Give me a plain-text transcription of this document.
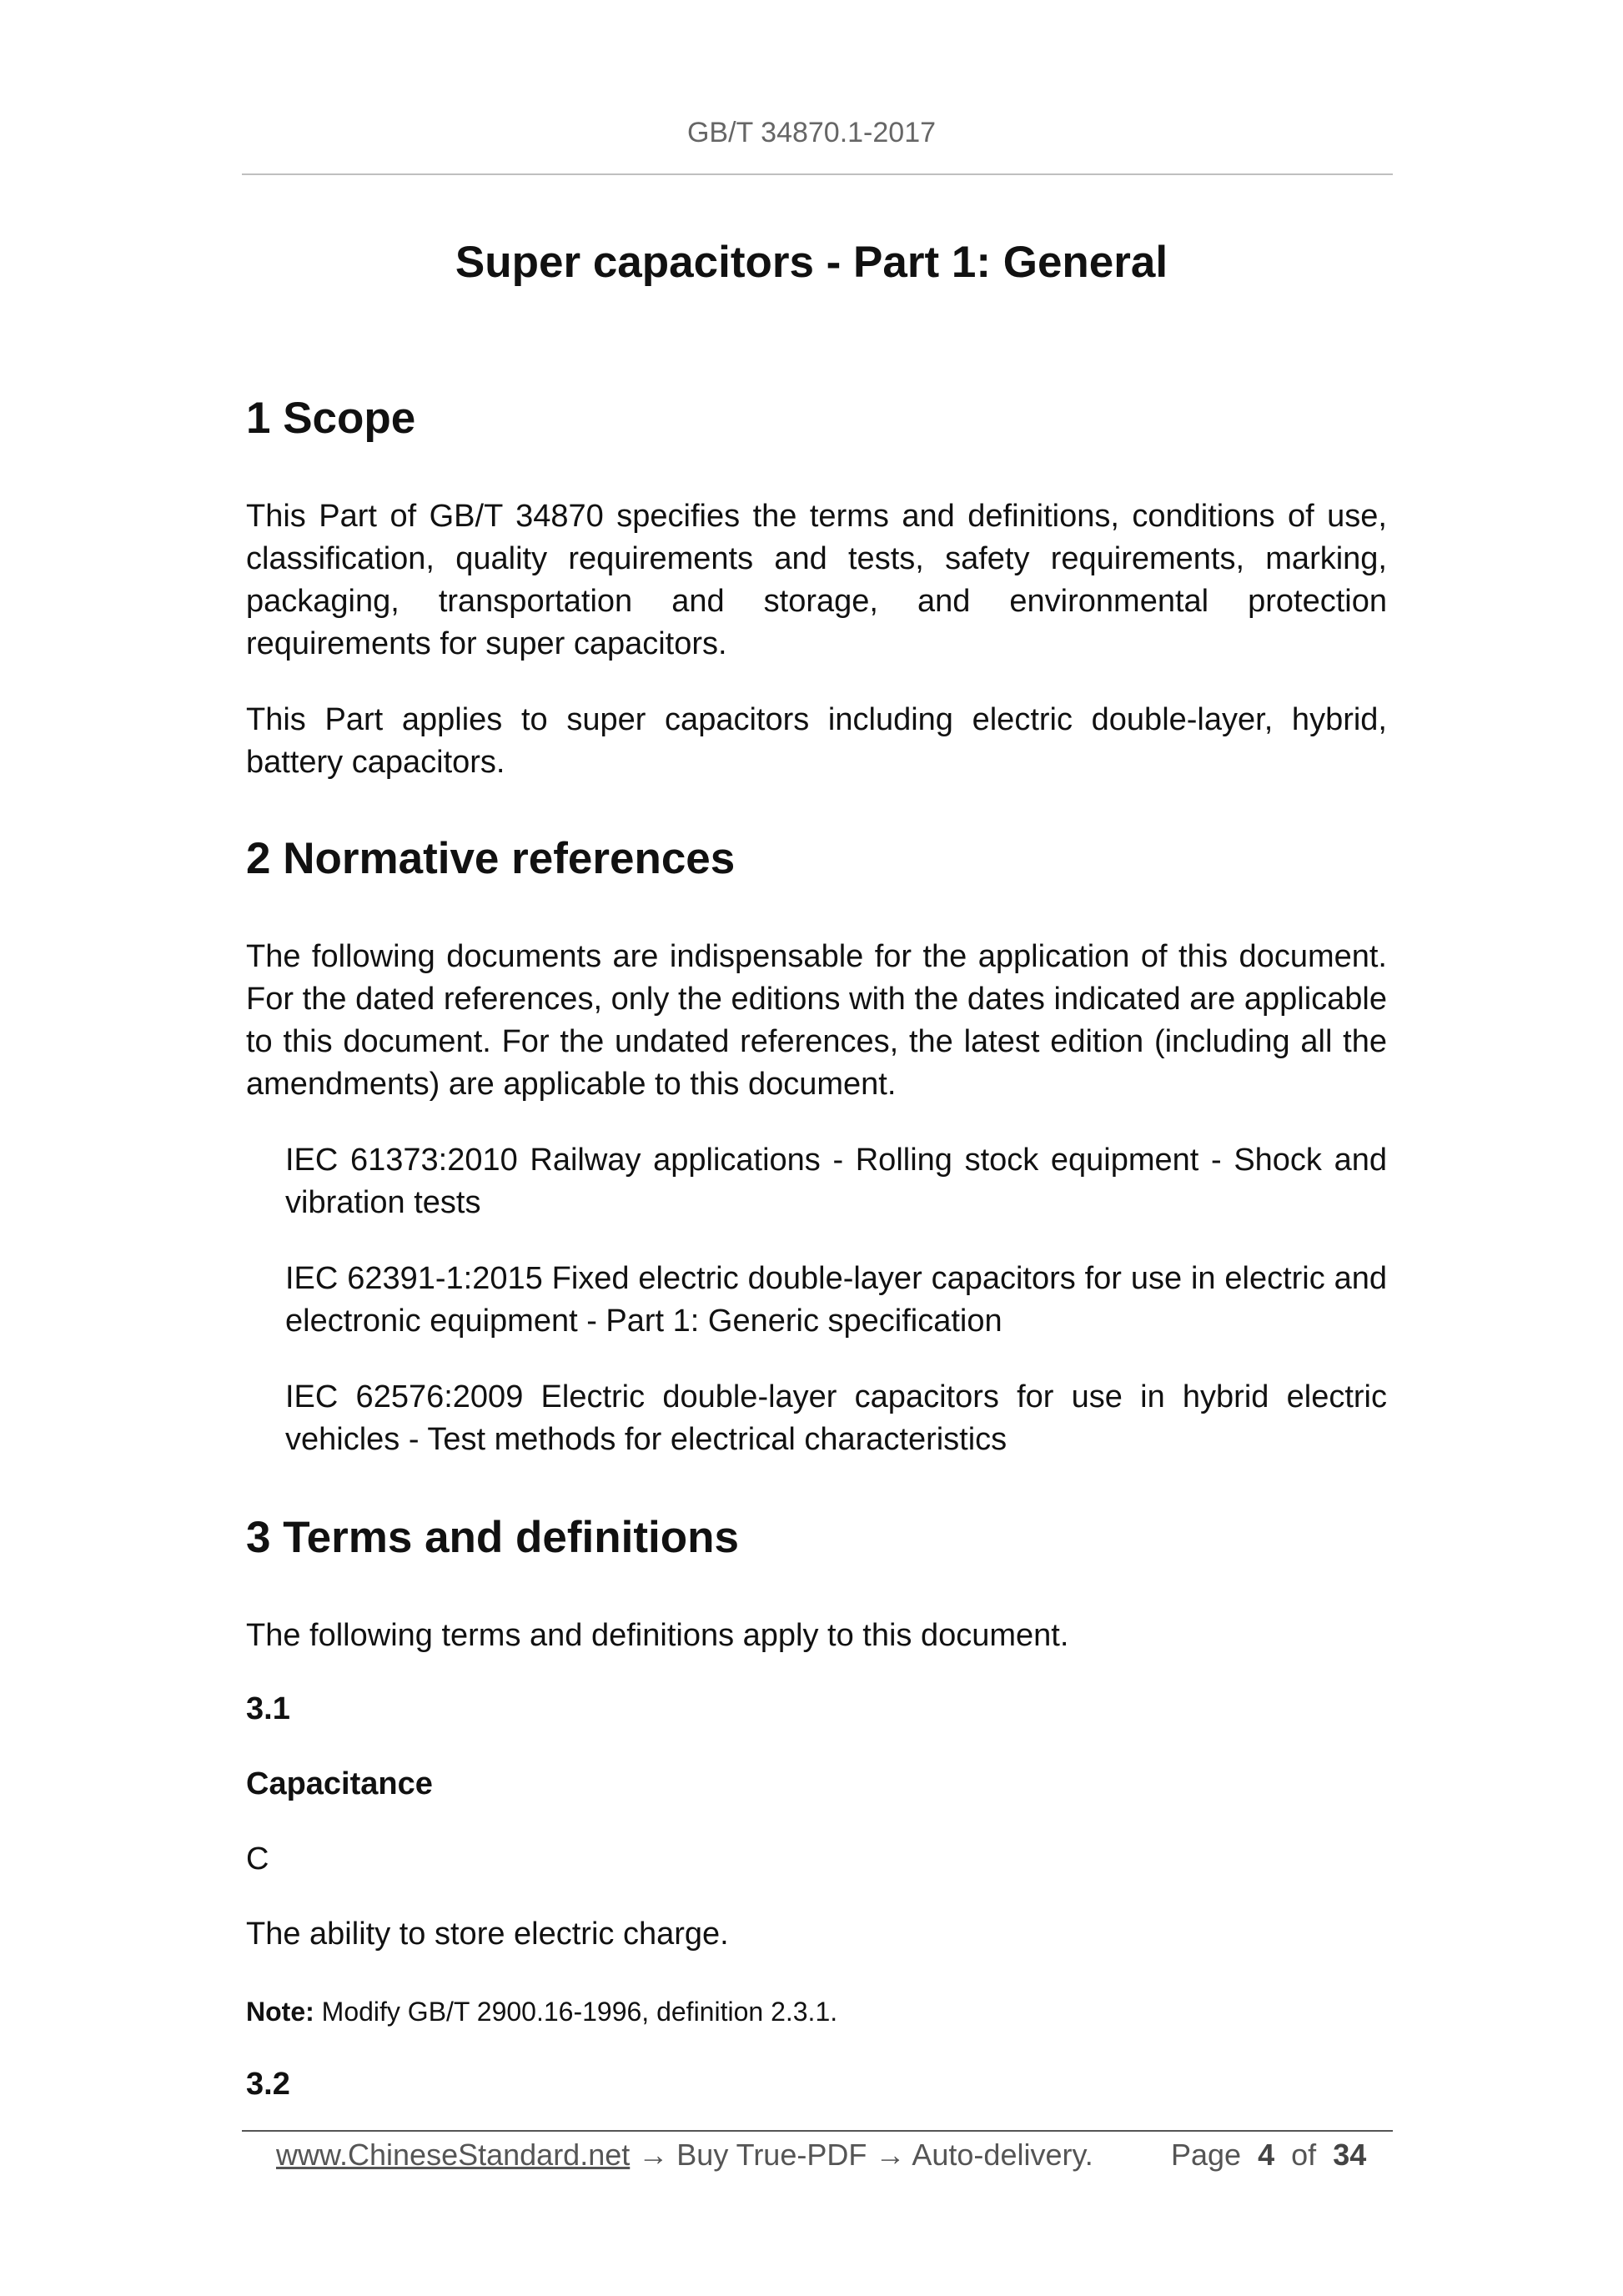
GB/T 34870.1-2017
Super capacitors - Part 1: General
1 Scope

This Part of GB/T 34870 specifies the terms and definitions, conditions of use, classification, quality requirements and tests, safety requirements, marking, packaging, transportation and storage, and environmental protection requirements for super capacitors.

This Part applies to super capacitors including electric double-layer, hybrid, battery capacitors.

2 Normative references

The following documents are indispensable for the application of this document. For the dated references, only the editions with the dates indicated are applicable to this document. For the undated references, the latest edition (including all the amendments) are applicable to this document.

IEC 61373:2010 Railway applications - Rolling stock equipment - Shock and vibration tests

IEC 62391-1:2015 Fixed electric double-layer capacitors for use in electric and electronic equipment - Part 1: Generic specification

IEC 62576:2009 Electric double-layer capacitors for use in hybrid electric vehicles - Test methods for electrical characteristics

3 Terms and definitions

The following terms and definitions apply to this document.

3.1
Capacitance
C
The ability to store electric charge.
Note: Modify GB/T 2900.16-1996, definition 2.3.1.
3.2
www.ChineseStandard.net → Buy True-PDF → Auto-delivery.	Page 4 of 34
